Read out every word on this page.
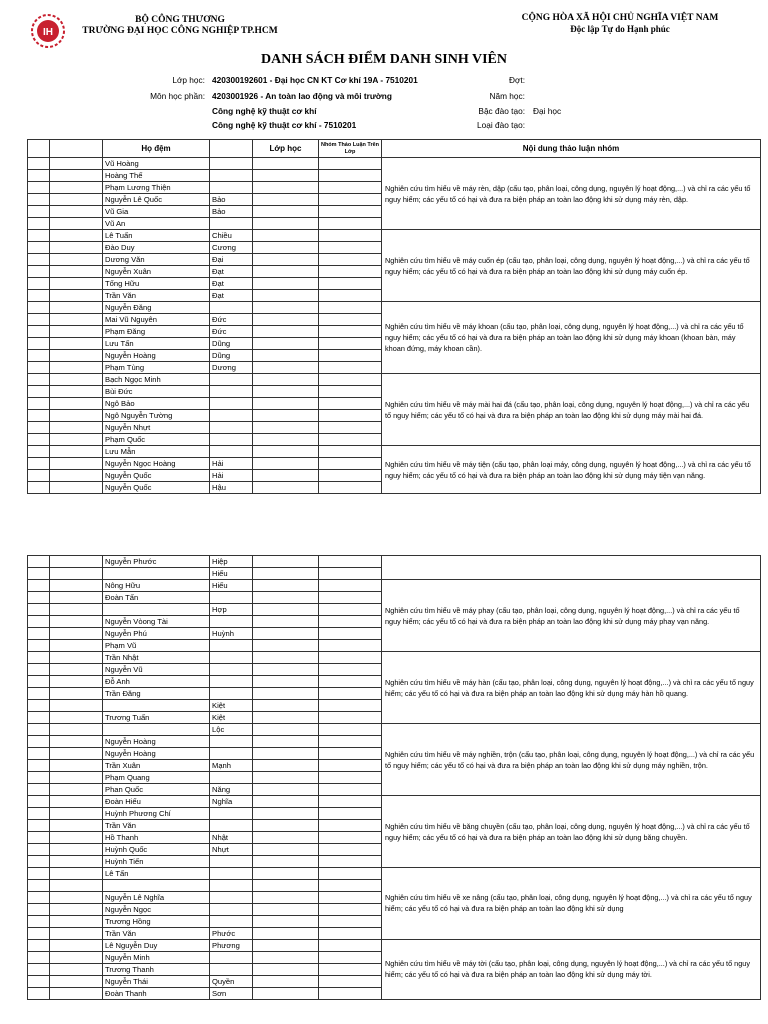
IH
BỘ CÔNG THƯƠNG
TRƯỜNG ĐẠI HỌC CÔNG NGHIỆP TP.HCM
CỘNG HÒA XÃ HỘI CHỦ NGHĨA VIỆT NAM
Độc lập Tự do Hạnh phúc
DANH SÁCH ĐIỂM DANH SINH VIÊN
Lớp học: 420300192601 - Đại học CN KT Cơ khí 19A - 7510201
Môn học phần: 4203001926 - An toàn lao động và môi trường
Công nghệ kỹ thuật cơ khí
Công nghệ kỹ thuật cơ khí - 7510201
Đợt:
Năm học:
Bậc đào tạo: Đại học
Loại đào tạo:
		Họ đệm		Lớp học	Nhóm Thảo Luận Trên Lớp	Nội dung thảo luận nhóm
		Vũ Hoàng				Nghiên cứu tìm hiểu về máy rèn, dập (cấu tạo, phân loại, công dụng, nguyên lý hoạt động,...) và chỉ ra các yếu tố nguy hiểm; các yếu tố có hại và đưa ra biện pháp an toàn lao động khi sử dụng máy rèn, dập.
		Hoàng Thế				
		Phạm Lương Thiện				
		Nguyễn Lê Quốc	Bảo			
		Vũ Gia	Bảo			
		Vũ An				
		Lê Tuấn	Chiều			Nghiên cứu tìm hiểu về máy cuốn ép (cấu tạo, phân loại, công dụng, nguyên lý hoạt động,...) và chỉ ra các yếu tố nguy hiểm; các yếu tố có hại và đưa ra biện pháp an toàn lao động khi sử dụng máy cuốn ép.
		Đào Duy	Cương			
		Dương Văn	Đại			
		Nguyễn Xuân	Đạt			
		Tống Hữu	Đạt			
		Trần Văn	Đạt			
		Nguyễn Đăng				Nghiên cứu tìm hiểu về máy khoan (cấu tạo, phân loại, công dụng, nguyên lý hoạt động,...) và chỉ ra các yếu tố nguy hiểm; các yếu tố có hại và đưa ra biện pháp an toàn lao động khi sử dụng máy khoan (khoan bàn, máy khoan đứng, máy khoan cần).
		Mai Vũ Nguyên	Đức			
		Phạm Đăng	Đức			
		Lưu Tấn	Dũng			
		Nguyễn Hoàng	Dũng			
		Phạm Tùng	Dương			
		Bạch Ngọc Minh				Nghiên cứu tìm hiểu về máy mài hai đá (cấu tạo, phân loại, công dụng, nguyên lý hoạt động,...) và chỉ ra các yếu tố nguy hiểm; các yếu tố có hại và đưa ra biện pháp an toàn lao động khi sử dụng máy mài hai đá.
		Bùi Đức				
		Ngô Bảo				
		Ngô Nguyễn Tường				
		Nguyễn Nhựt				
		Phạm Quốc				
		Lưu Mẫn				Nghiên cứu tìm hiểu về máy tiện (cấu tạo, phân loại máy, công dụng, nguyên lý hoạt động,...) và chỉ ra các yếu tố nguy hiểm; các yếu tố có hại và đưa ra biện pháp an toàn lao động khi sử dụng máy tiện vạn năng.
		Nguyễn Ngọc Hoàng	Hải			
		Nguyễn Quốc	Hải			
		Nguyễn Quốc	Hậu			
		Nguyễn Phước	Hiệp			
			Hiếu			
		Nông Hữu	Hiếu			Nghiên cứu tìm hiểu về máy phay (cấu tạo, phân loại, công dụng, nguyên lý hoạt động,...) và chỉ ra các yếu tố nguy hiểm; các yếu tố có hại và đưa ra biện pháp an toàn lao động khi sử dụng máy phay vạn năng.
		Đoàn Tấn				
			Hợp			
		Nguyễn Vòong Tài				
		Nguyễn Phú	Huỳnh			
		Phạm Vũ				
		Trần Nhật				Nghiên cứu tìm hiểu về máy hàn (cấu tạo, phân loại, công dụng, nguyên lý hoạt động,...) và chỉ ra các yếu tố nguy hiểm; các yếu tố có hại và đưa ra biện pháp an toàn lao động khi sử dụng máy hàn hồ quang.
		Nguyễn Vũ				
		Đỗ Anh				
		Trần Đăng				
			Kiệt			
		Trương Tuấn	Kiệt			
			Lộc			Nghiên cứu tìm hiểu về máy nghiền, trộn (cấu tạo, phân loại, công dụng, nguyên lý hoạt động,...) và chỉ ra các yếu tố nguy hiểm; các yếu tố có hại và đưa ra biện pháp an toàn lao động khi sử dụng máy nghiền, trộn.
		Nguyễn Hoàng				
		Nguyễn Hoàng				
		Trần Xuân	Mạnh			
		Phạm Quang				
		Phan Quốc	Năng			
		Đoàn Hiếu	Nghĩa			Nghiên cứu tìm hiểu về băng chuyền (cấu tạo, phân loại, công dụng, nguyên lý hoạt động,...) và chỉ ra các yếu tố nguy hiểm; các yếu tố có hại và đưa ra biện pháp an toàn lao động khi sử dụng băng chuyền.
		Huỳnh Phương Chí				
		Trần Văn				
		Hồ Thanh	Nhật			
		Huỳnh Quốc	Nhựt			
		Huỳnh Tiến				
		Lê Tấn				Nghiên cứu tìm hiểu về xe nâng (cấu tạo, phân loại, công dụng, nguyên lý hoạt động,...) và chỉ ra các yếu tố nguy hiểm; các yếu tố có hại và đưa ra biện pháp an toàn lao động khi sử dụng

		Nguyễn Lê Nghĩa				
		Nguyễn Ngọc				
		Trương Hồng				
		Trần Văn	Phước			
		Lê Nguyễn Duy	Phương			Nghiên cứu tìm hiểu về máy tời (cấu tạo, phân loại, công dụng, nguyên lý hoạt động,...) và chỉ ra các yếu tố nguy hiểm; các yếu tố có hại và đưa ra biện pháp an toàn lao động khi sử dụng máy tời.
		Nguyễn Minh				
		Trương Thanh				
		Nguyễn Thái	Quyền			
		Đoàn Thanh	Sơn			
